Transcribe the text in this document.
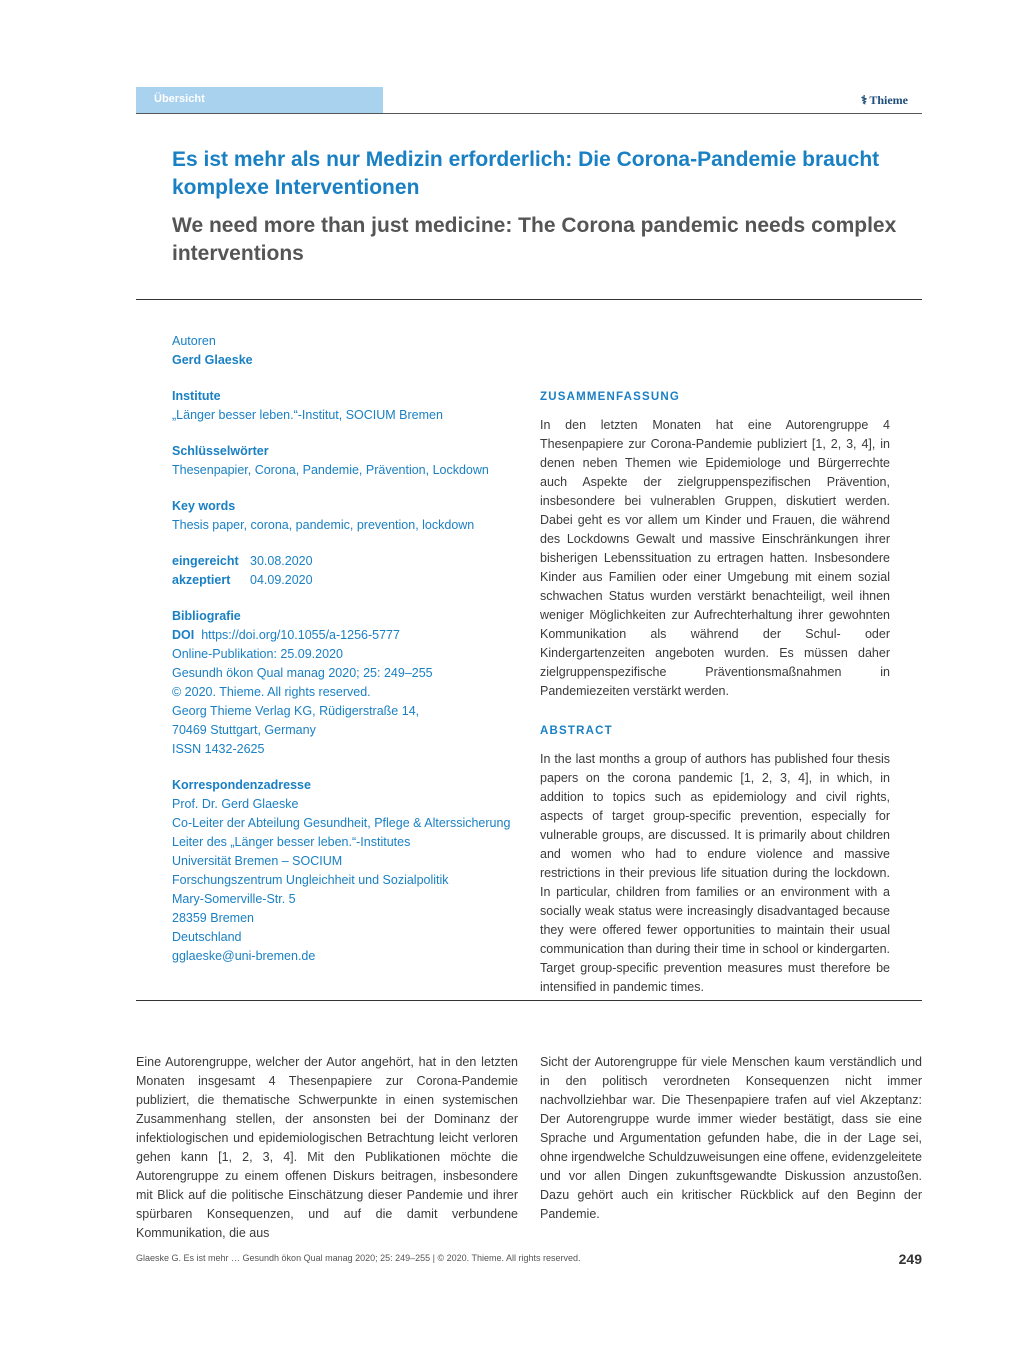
Übersicht	⚕ Thieme
Es ist mehr als nur Medizin erforderlich: Die Corona-Pandemie braucht komplexe Interventionen
We need more than just medicine: The Corona pandemic needs complex interventions
Autoren
Gerd Glaeske
Institute
„Länger besser leben.“-Institut, SOCIUM Bremen
Schlüsselwörter
Thesenpapier, Corona, Pandemie, Prävention, Lockdown
Key words
Thesis paper, corona, pandemic, prevention, lockdown
eingereicht 30.08.2020
akzeptiert 04.09.2020
Bibliografie
DOI https://doi.org/10.1055/a-1256-5777
Online-Publikation: 25.09.2020
Gesundh ökon Qual manag 2020; 25: 249–255
© 2020. Thieme. All rights reserved.
Georg Thieme Verlag KG, Rüdigerstraße 14,
70469 Stuttgart, Germany
ISSN 1432-2625
Korrespondenzadresse
Prof. Dr. Gerd Glaeske
Co-Leiter der Abteilung Gesundheit, Pflege & Alterssicherung
Leiter des „Länger besser leben.“-Institutes
Universität Bremen – SOCIUM
Forschungszentrum Ungleichheit und Sozialpolitik
Mary-Somerville-Str. 5
28359 Bremen
Deutschland
gglaeske@uni-bremen.de
ZUSAMMENFASSUNG

In den letzten Monaten hat eine Autorengruppe 4 Thesenpapiere zur Corona-Pandemie publiziert [1, 2, 3, 4], in denen neben Themen wie Epidemiologe und Bürgerrechte auch Aspekte der zielgruppenspezifischen Prävention, insbesondere bei vulnerablen Gruppen, diskutiert werden. Dabei geht es vor allem um Kinder und Frauen, die während des Lockdowns Gewalt und massive Einschränkungen ihrer bisherigen Lebenssituation zu ertragen hatten. Insbesondere Kinder aus Familien oder einer Umgebung mit einem sozial schwachen Status wurden verstärkt benachteiligt, weil ihnen weniger Möglichkeiten zur Aufrechterhaltung ihrer gewohnten Kommunikation als während der Schul- oder Kindergartenzeiten angeboten wurden. Es müssen daher zielgruppenspezifische Präventionsmaßnahmen in Pandemiezeiten verstärkt werden.

ABSTRACT

In the last months a group of authors has published four thesis papers on the corona pandemic [1, 2, 3, 4], in which, in addition to topics such as epidemiology and civil rights, aspects of target group-specific prevention, especially for vulnerable groups, are discussed. It is primarily about children and women who had to endure violence and massive restrictions in their previous life situation during the lockdown. In particular, children from families or an environment with a socially weak status were increasingly disadvantaged because they were offered fewer opportunities to maintain their usual communication than during their time in school or kindergarten. Target group-specific prevention measures must therefore be intensified in pandemic times.

Eine Autorengruppe, welcher der Autor angehört, hat in den letzten Monaten insgesamt 4 Thesenpapiere zur Corona-Pandemie publiziert, die thematische Schwerpunkte in einen systemischen Zusammenhang stellen, der ansonsten bei der Dominanz der infektiologischen und epidemiologischen Betrachtung leicht verloren gehen kann [1, 2, 3, 4]. Mit den Publikationen möchte die Autorengruppe zu einem offenen Diskurs beitragen, insbesondere mit Blick auf die politische Einschätzung dieser Pandemie und ihrer spürbaren Konsequenzen, und auf die damit verbundene Kommunikation, die aus

Sicht der Autorengruppe für viele Menschen kaum verständlich und in den politisch verordneten Konsequenzen nicht immer nachvollziehbar war. Die Thesenpapiere trafen auf viel Akzeptanz: Der Autorengruppe wurde immer wieder bestätigt, dass sie eine Sprache und Argumentation gefunden habe, die in der Lage sei, ohne irgendwelche Schuldzuweisungen eine offene, evidenzgeleitete und vor allen Dingen zukunftsgewandte Diskussion anzustoßen. Dazu gehört auch ein kritischer Rückblick auf den Beginn der Pandemie.

Glaeske G. Es ist mehr … Gesundh ökon Qual manag 2020; 25: 249–255 | © 2020. Thieme. All rights reserved.	249
